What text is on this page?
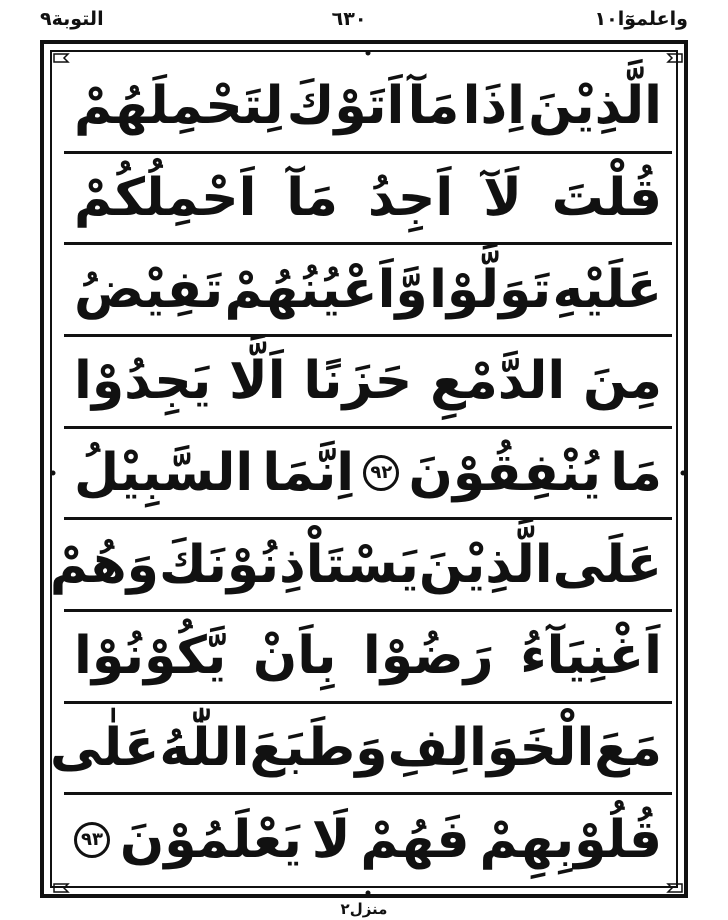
التوبة٩	٦٣٠	واعلموٓا١٠
الَّذِيْنَ
اِذَا
مَآ
اَتَوْكَ
لِتَحْمِلَهُمْ
قُلْتَ
لَآ
اَجِدُ
مَآ
اَحْمِلُكُمْ
عَلَيْهِ
تَوَلَّوْا
وَّاَعْيُنُهُمْ
تَفِيْضُ
مِنَ
الدَّمْعِ
حَزَنًا
اَلَّا
يَجِدُوْا
مَا
يُنْفِقُوْنَ
٩٢
اِنَّمَا
السَّبِيْلُ
عَلَى
الَّذِيْنَ
يَسْتَاْذِنُوْنَكَ
وَهُمْ
اَغْنِيَآءُ
رَضُوْا
بِاَنْ
يَّكُوْنُوْا
مَعَ
الْخَوَالِفِ
وَطَبَعَ
اللّٰهُ
عَلٰى
قُلُوْبِهِمْ
فَهُمْ
لَا
يَعْلَمُوْنَ
٩٣
منزل٢
